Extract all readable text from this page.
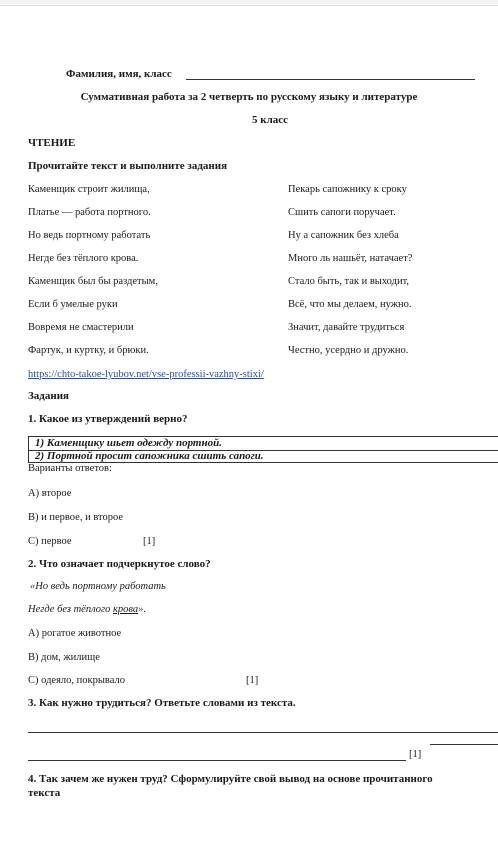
Фамилия, имя, класс
Суммативная работа за 2 четверть по русскому языку и литературе
5 класс
ЧТЕНИЕ
Прочитайте текст и выполните задания
Каменщик строит жилища,
Платье — работа портного.
Но ведь портному работать
Негде без тёплого крова.
Каменщик был бы раздетым,
Если б умелые руки
Вовремя не смастерили
Фартук, и куртку, и брюки.
Пекарь сапожнику к сроку
Сшить сапоги поручает.
Ну а сапожник без хлеба
Много ль нашьёт, натачает?
Стало быть, так и выходит,
Всё, что мы делаем, нужно.
Значит, давайте трудиться
Честно, усердно и дружно.
https://chto-takoe-lyubov.net/vse-professii-vazhny-stixi/
Задания
1. Какое из утверждений верно?
1) Каменщику шьет одежду портной.
2) Портной просит сапожника сшить сапоги.
Варианты ответов:
А) второе
В) и первое, и второе
С) первое	[1]
2. Что означает подчеркнутое слово?
«Но ведь портному работать
Негде без тёплого крова».
А) рогатое животное
В) дом, жилище
С) одеяло, покрывало	[1]
3. Как нужно трудиться? Ответьте словами из текста.
[1]
4. Так зачем же нужен труд? Сформулируйте свой вывод на основе прочитанного
текста
